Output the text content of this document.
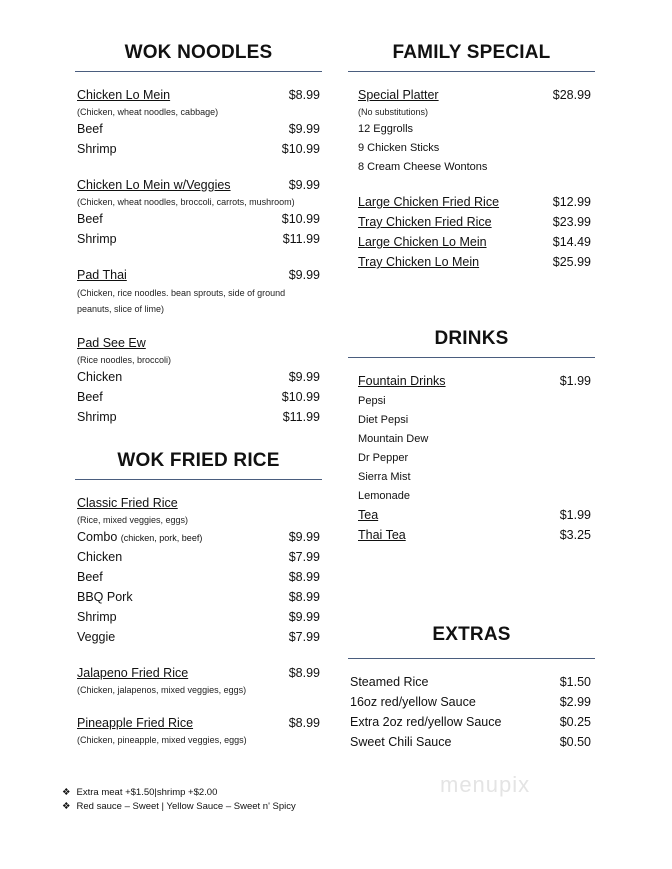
WOK NOODLES
Chicken Lo Mein	$8.99
(Chicken, wheat noodles, cabbage)
Beef	$9.99
Shrimp	$10.99
Chicken Lo Mein w/Veggies	$9.99
(Chicken, wheat noodles, broccoli, carrots, mushroom)
Beef	$10.99
Shrimp	$11.99
Pad Thai	$9.99
(Chicken, rice noodles. bean sprouts, side of ground peanuts, slice of lime)
Pad See Ew
(Rice noodles, broccoli)
Chicken	$9.99
Beef	$10.99
Shrimp	$11.99
WOK FRIED RICE
Classic Fried Rice
(Rice, mixed veggies, eggs)
Combo (chicken, pork, beef)	$9.99
Chicken	$7.99
Beef	$8.99
BBQ Pork	$8.99
Shrimp	$9.99
Veggie	$7.99
Jalapeno Fried Rice	$8.99
(Chicken, jalapenos, mixed veggies, eggs)
Pineapple Fried Rice	$8.99
(Chicken, pineapple, mixed veggies, eggs)
FAMILY SPECIAL
Special Platter	$28.99
(No substitutions)
12 Eggrolls
9 Chicken Sticks
8 Cream Cheese Wontons
Large Chicken Fried Rice	$12.99
Tray Chicken Fried Rice	$23.99
Large Chicken Lo Mein	$14.49
Tray Chicken Lo Mein	$25.99
DRINKS
Fountain Drinks	$1.99
Pepsi
Diet Pepsi
Mountain Dew
Dr Pepper
Sierra Mist
Lemonade
Tea	$1.99
Thai Tea	$3.25
EXTRAS
Steamed Rice	$1.50
16oz red/yellow Sauce	$2.99
Extra 2oz red/yellow Sauce	$0.25
Sweet Chili Sauce	$0.50
❖ Extra meat +$1.50|shrimp +$2.00
❖ Red sauce – Sweet | Yellow Sauce – Sweet n' Spicy
menupix
